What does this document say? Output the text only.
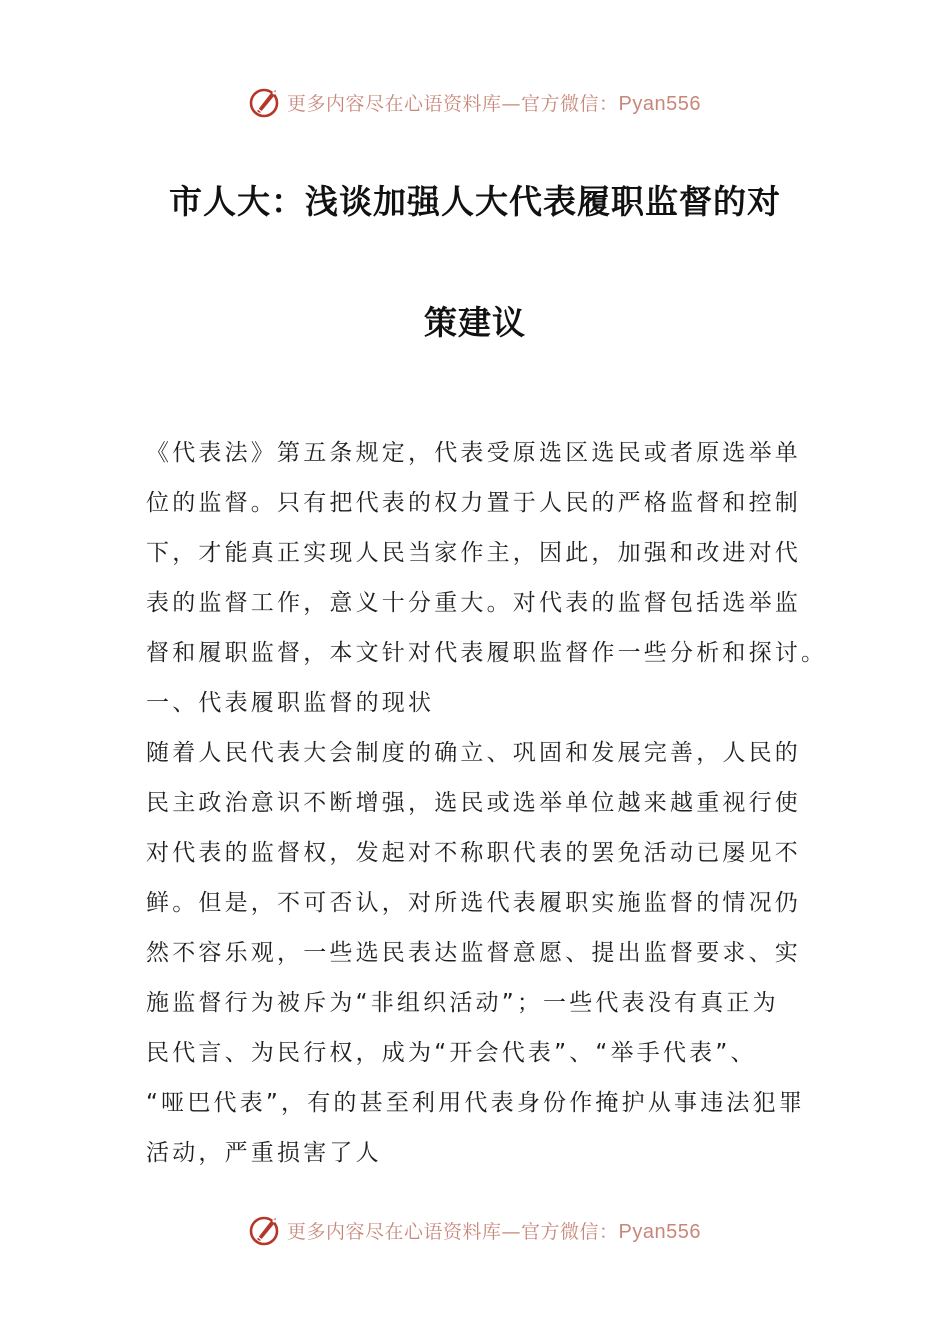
更多内容尽在心语资料库—官方微信：Pyan556
市人大：浅谈加强人大代表履职监督的对
策建议
《代表法》第五条规定，代表受原选区选民或者原选举单
位的监督。只有把代表的权力置于人民的严格监督和控制
下，才能真正实现人民当家作主，因此，加强和改进对代
表的监督工作，意义十分重大。对代表的监督包括选举监
督和履职监督，本文针对代表履职监督作一些分析和探讨。
一、代表履职监督的现状
随着人民代表大会制度的确立、巩固和发展完善，人民的
民主政治意识不断增强，选民或选举单位越来越重视行使
对代表的监督权，发起对不称职代表的罢免活动已屡见不
鲜。但是，不可否认，对所选代表履职实施监督的情况仍
然不容乐观，一些选民表达监督意愿、提出监督要求、实
施监督行为被斥为“非组织活动”；一些代表没有真正为
民代言、为民行权，成为“开会代表”、“举手代表”、
“哑巴代表”，有的甚至利用代表身份作掩护从事违法犯罪
活动，严重损害了人
更多内容尽在心语资料库—官方微信：Pyan556
